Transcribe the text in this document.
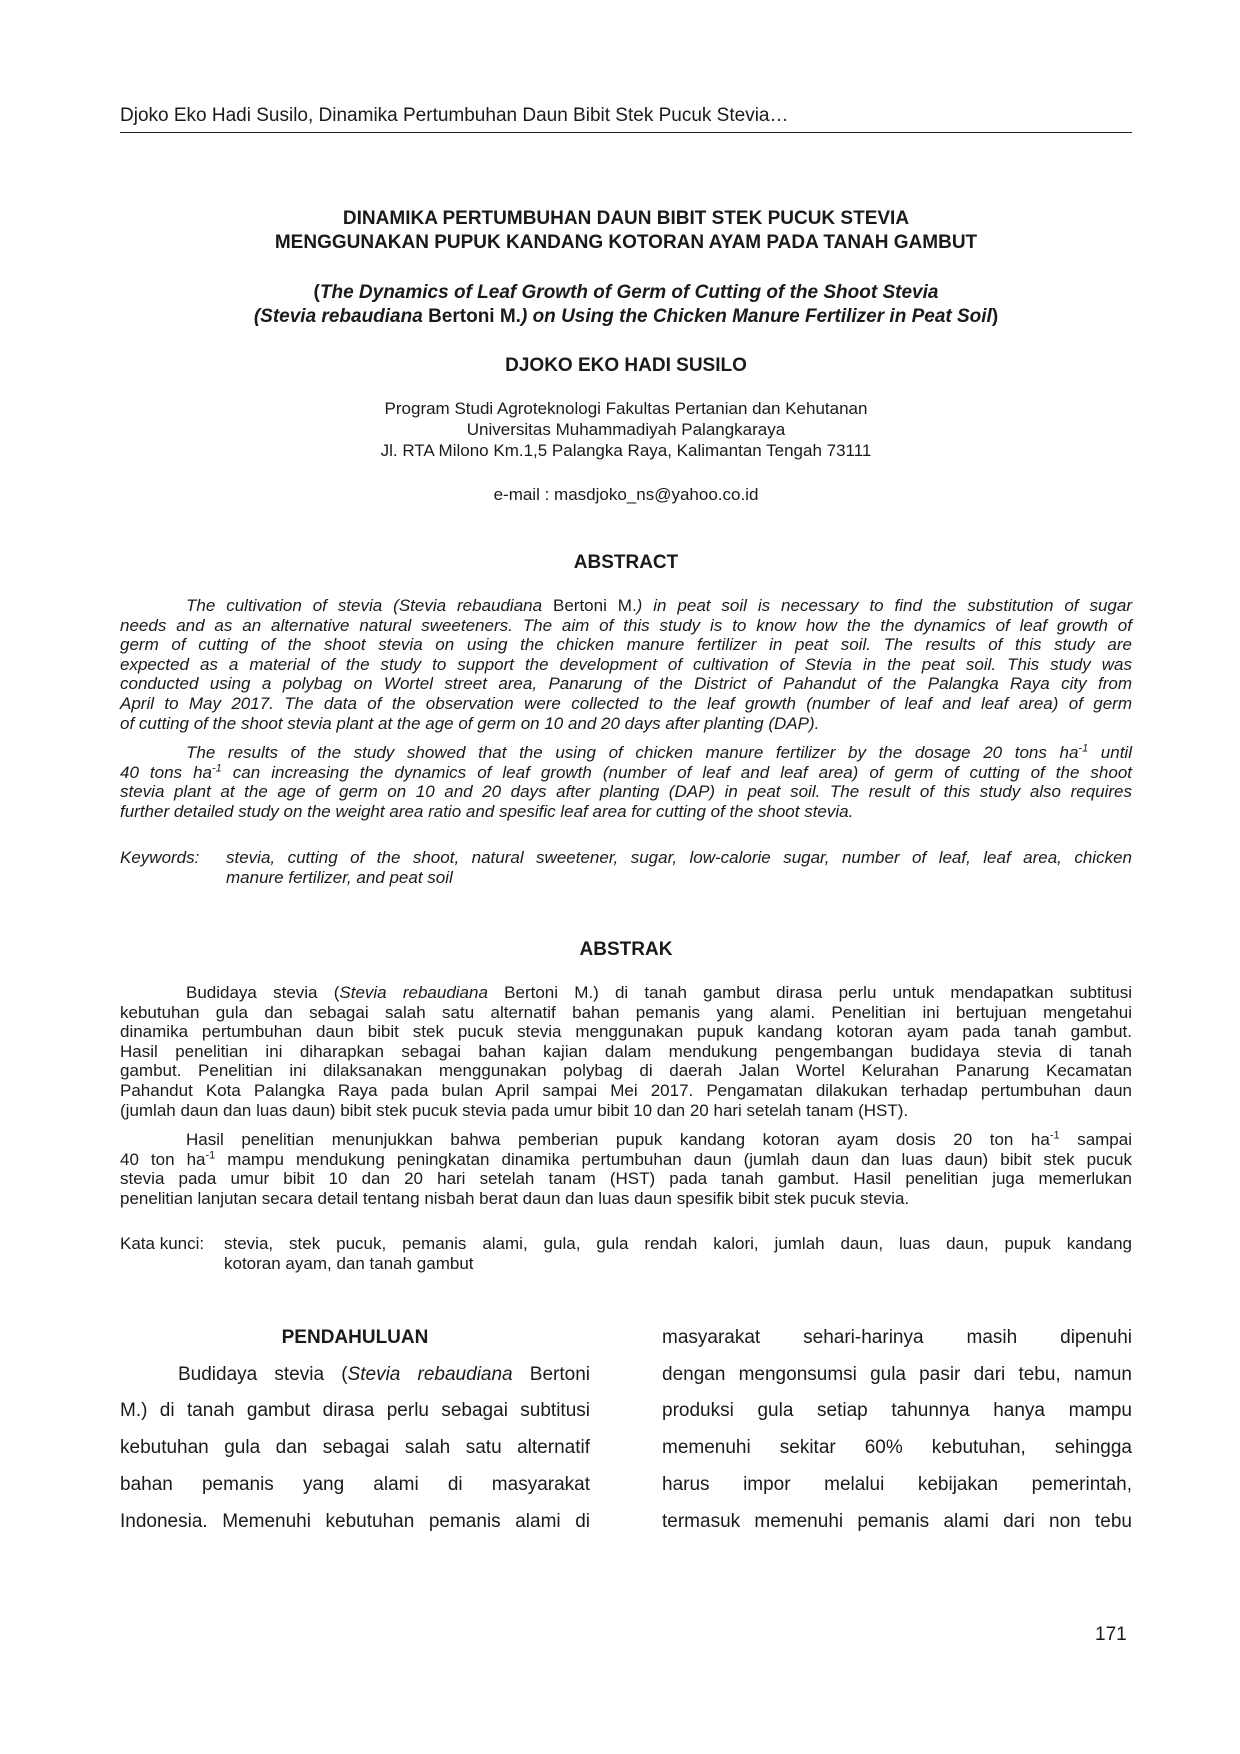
Djoko Eko Hadi Susilo, Dinamika Pertumbuhan Daun Bibit Stek Pucuk Stevia…
DINAMIKA PERTUMBUHAN DAUN BIBIT STEK PUCUK STEVIA
MENGGUNAKAN PUPUK KANDANG KOTORAN AYAM PADA TANAH GAMBUT
(The Dynamics of Leaf Growth of Germ of Cutting of the Shoot Stevia
(Stevia rebaudiana Bertoni M.) on Using the Chicken Manure Fertilizer in Peat Soil)
DJOKO EKO HADI SUSILO
Program Studi Agroteknologi Fakultas Pertanian dan Kehutanan
Universitas Muhammadiyah Palangkaraya
Jl. RTA Milono Km.1,5 Palangka Raya, Kalimantan Tengah 73111
e-mail : masdjoko_ns@yahoo.co.id
ABSTRACT
The cultivation of stevia (Stevia rebaudiana Bertoni M.) in peat soil is necessary to find the substitution of sugar
needs and as an alternative natural sweeteners. The aim of this study is to know how the the dynamics of leaf growth of
germ of cutting of the shoot stevia on using the chicken manure fertilizer in peat soil. The results of this study are
expected as a material of the study to support the development of cultivation of Stevia in the peat soil. This study was
conducted using a polybag on Wortel street area, Panarung of the District of Pahandut of the Palangka Raya city from
April to May 2017. The data of the observation were collected to the leaf growth (number of leaf and leaf area) of germ
of cutting of the shoot stevia plant at the age of germ on 10 and 20 days after planting (DAP).
The results of the study showed that the using of chicken manure fertilizer by the dosage 20 tons $ha^{-1}$ until
40 tons $ha^{-1}$ can increasing the dynamics of leaf growth (number of leaf and leaf area) of germ of cutting of the shoot
stevia plant at the age of germ on 10 and 20 days after planting (DAP) in peat soil. The result of this study also requires
further detailed study on the weight area ratio and spesific leaf area for cutting of the shoot stevia.
Keywords: stevia, cutting of the shoot, natural sweetener, sugar, low-calorie sugar, number of leaf, leaf area, chicken
manure fertilizer, and peat soil
ABSTRAK
Budidaya stevia (Stevia rebaudiana Bertoni M.) di tanah gambut dirasa perlu untuk mendapatkan subtitusi
kebutuhan gula dan sebagai salah satu alternatif bahan pemanis yang alami. Penelitian ini bertujuan mengetahui
dinamika pertumbuhan daun bibit stek pucuk stevia menggunakan pupuk kandang kotoran ayam pada tanah gambut.
Hasil penelitian ini diharapkan sebagai bahan kajian dalam mendukung pengembangan budidaya stevia di tanah
gambut. Penelitian ini dilaksanakan menggunakan polybag di daerah Jalan Wortel Kelurahan Panarung Kecamatan
Pahandut Kota Palangka Raya pada bulan April sampai Mei 2017. Pengamatan dilakukan terhadap pertumbuhan daun
(jumlah daun dan luas daun) bibit stek pucuk stevia pada umur bibit 10 dan 20 hari setelah tanam (HST).
Hasil penelitian menunjukkan bahwa pemberian pupuk kandang kotoran ayam dosis 20 ton $ha^{-1}$ sampai
40 ton $ha^{-1}$ mampu mendukung peningkatan dinamika pertumbuhan daun (jumlah daun dan luas daun) bibit stek pucuk
stevia pada umur bibit 10 dan 20 hari setelah tanam (HST) pada tanah gambut. Hasil penelitian juga memerlukan
penelitian lanjutan secara detail tentang nisbah berat daun dan luas daun spesifik bibit stek pucuk stevia.
Kata kunci: stevia, stek pucuk, pemanis alami, gula, gula rendah kalori, jumlah daun, luas daun, pupuk kandang
kotoran ayam, dan tanah gambut
PENDAHULUAN
Budidaya stevia (Stevia rebaudiana Bertoni
M.) di tanah gambut dirasa perlu sebagai subtitusi
kebutuhan gula dan sebagai salah satu alternatif
bahan pemanis yang alami di masyarakat
Indonesia. Memenuhi kebutuhan pemanis alami di
masyarakat sehari-harinya masih dipenuhi
dengan mengonsumsi gula pasir dari tebu, namun
produksi gula setiap tahunnya hanya mampu
memenuhi sekitar 60% kebutuhan, sehingga
harus impor melalui kebijakan pemerintah,
termasuk memenuhi pemanis alami dari non tebu
171
